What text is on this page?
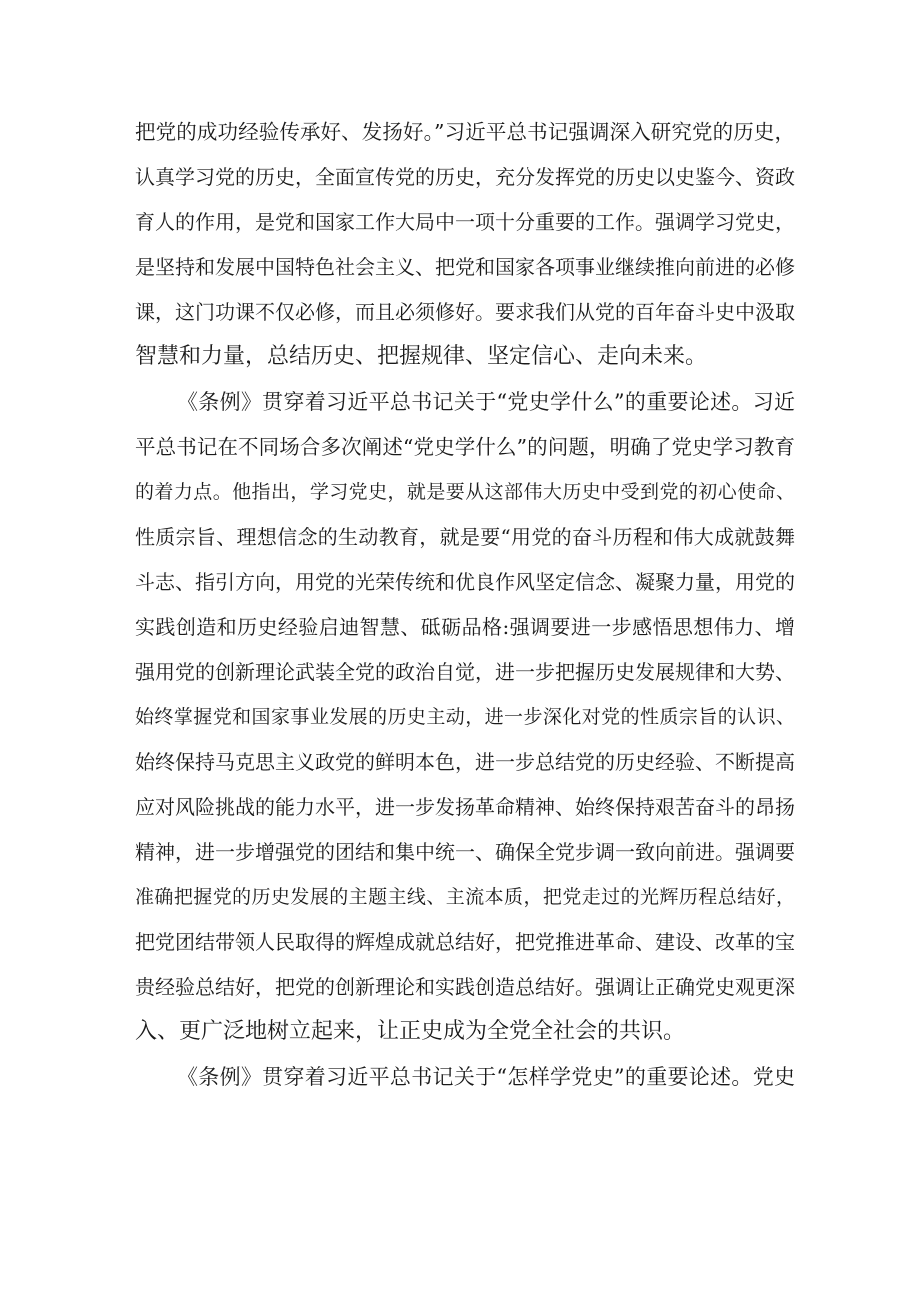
把党的成功经验传承好、发扬好。”习近平总书记强调深入研究党的历史，
认真学习党的历史，全面宣传党的历史，充分发挥党的历史以史鉴今、资政
育人的作用，是党和国家工作大局中一项十分重要的工作。强调学习党史，
是坚持和发展中国特色社会主义、把党和国家各项事业继续推向前进的必修
课，这门功课不仅必修，而且必须修好。要求我们从党的百年奋斗史中汲取
智慧和力量，总结历史、把握规律、坚定信心、走向未来。
《条例》贯穿着习近平总书记关于“党史学什么”的重要论述。习近
平总书记在不同场合多次阐述“党史学什么”的问题，明确了党史学习教育
的着力点。他指出，学习党史，就是要从这部伟大历史中受到党的初心使命、
性质宗旨、理想信念的生动教育，就是要“用党的奋斗历程和伟大成就鼓舞
斗志、指引方向，用党的光荣传统和优良作风坚定信念、凝聚力量，用党的
实践创造和历史经验启迪智慧、砥砺品格:强调要进一步感悟思想伟力、增
强用党的创新理论武装全党的政治自觉，进一步把握历史发展规律和大势、
始终掌握党和国家事业发展的历史主动，进一步深化对党的性质宗旨的认识、
始终保持马克思主义政党的鲜明本色，进一步总结党的历史经验、不断提高
应对风险挑战的能力水平，进一步发扬革命精神、始终保持艰苦奋斗的昂扬
精神，进一步增强党的团结和集中统一、确保全党步调一致向前进。强调要
准确把握党的历史发展的主题主线、主流本质，把党走过的光辉历程总结好，
把党团结带领人民取得的辉煌成就总结好，把党推进革命、建设、改革的宝
贵经验总结好，把党的创新理论和实践创造总结好。强调让正确党史观更深
入、更广泛地树立起来，让正史成为全党全社会的共识。
《条例》贯穿着习近平总书记关于“怎样学党史”的重要论述。党史
